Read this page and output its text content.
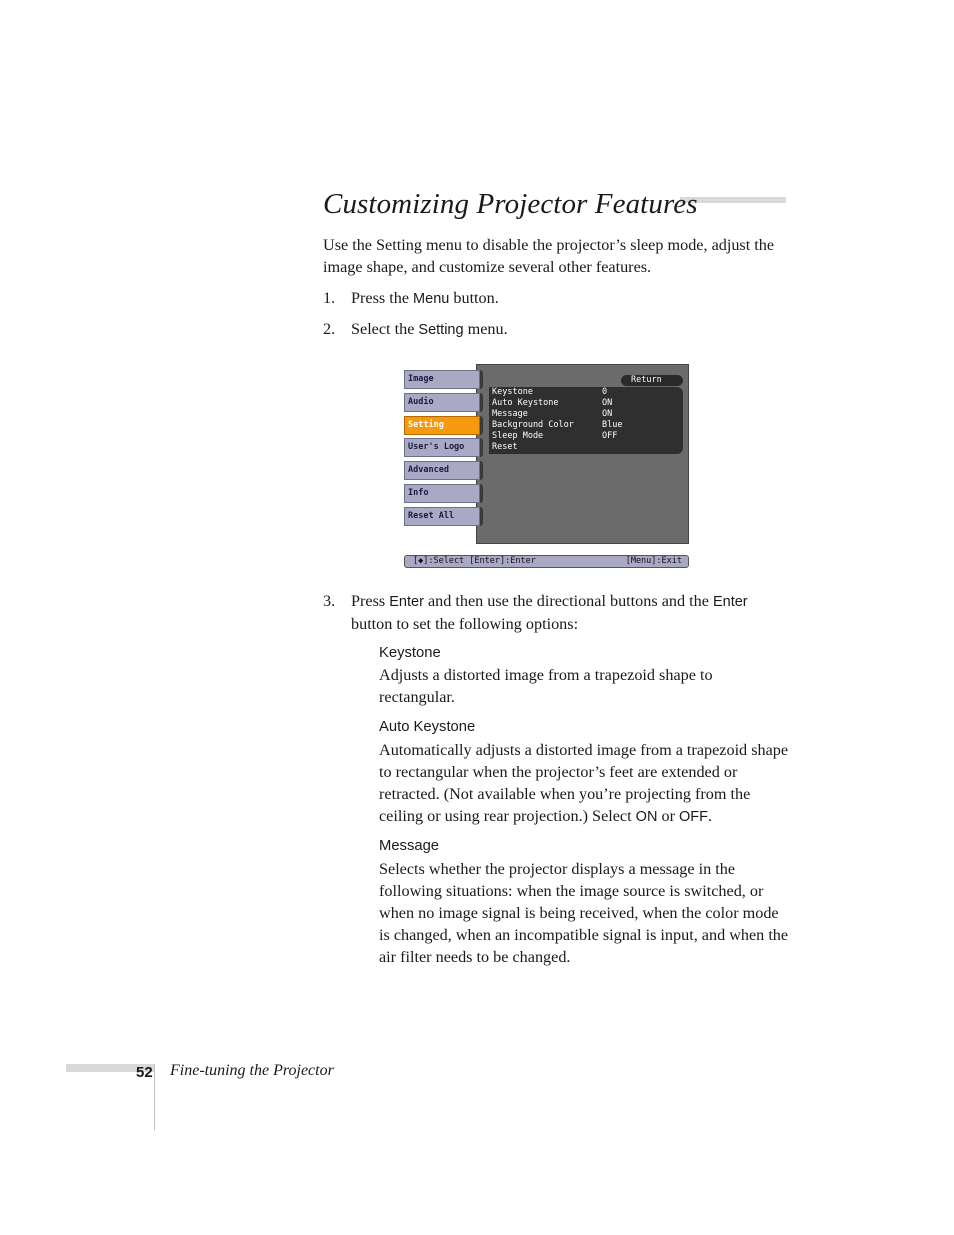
Customizing Projector Features

Use the Setting menu to disable the projector’s sleep mode, adjust the image shape, and customize several other features.

1. Press the Menu button.
2. Select the Setting menu.
Return
Keystone	0
Auto Keystone	ON
Message	ON
Background Color	Blue
Sleep Mode	OFF
Reset
Image
Audio
Setting
User's Logo
Advanced
Info
Reset All
[◆]:Select [Enter]:Enter	[Menu]:Exit
3. Press Enter and then use the directional buttons and the Enter button to set the following options:
Keystone
Adjusts a distorted image from a trapezoid shape to rectangular.
Auto Keystone
Automatically adjusts a distorted image from a trapezoid shape to rectangular when the projector’s feet are extended or retracted. (Not available when you’re projecting from the ceiling or using rear projection.) Select ON or OFF.
Message
Selects whether the projector displays a message in the following situations: when the image source is switched, or when no image signal is being received, when the color mode is changed, when an incompatible signal is input, and when the air filter needs to be changed.
52 Fine-tuning the Projector
